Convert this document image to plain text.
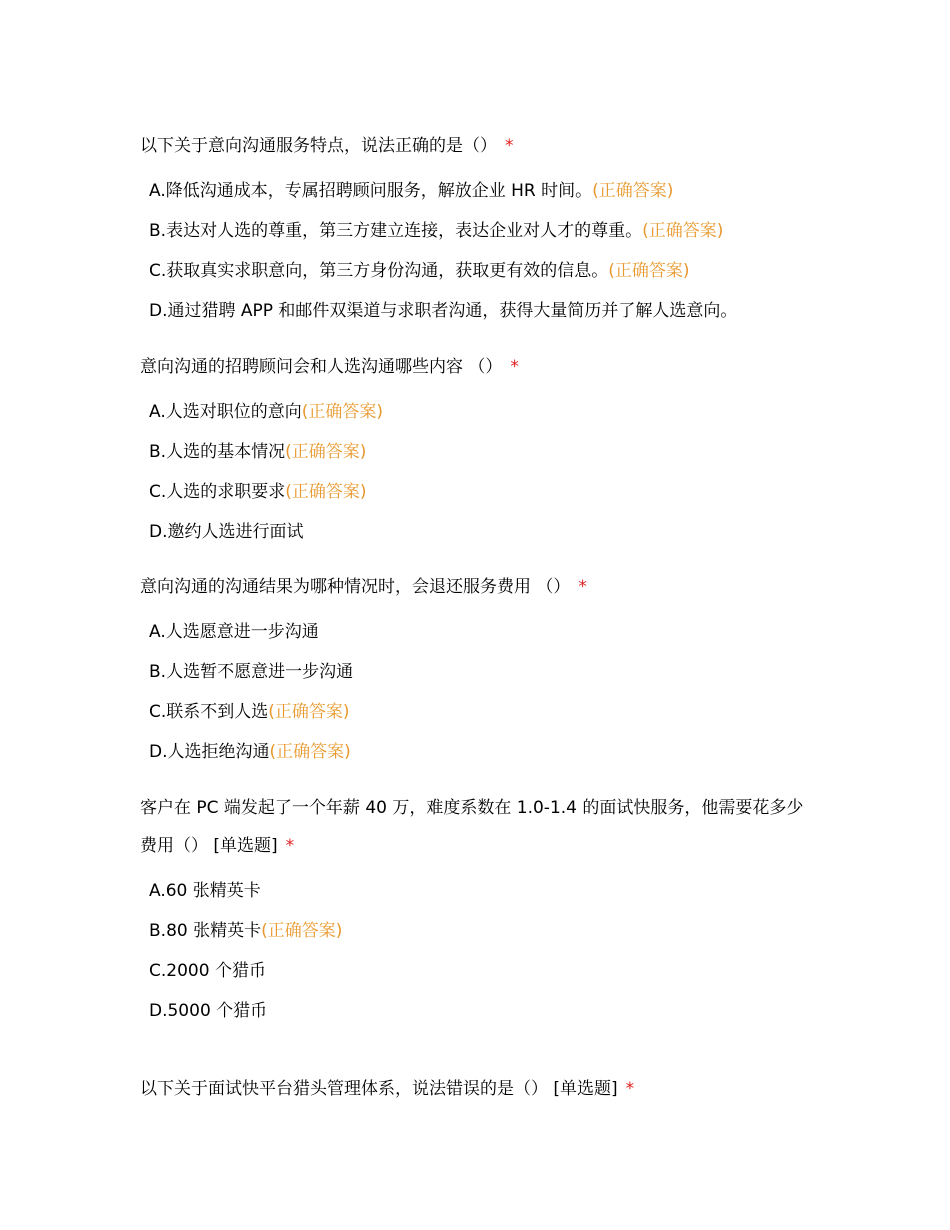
以下关于意向沟通服务特点，说法正确的是（） *

A.降低沟通成本，专属招聘顾问服务，解放企业 HR 时间。(正确答案)
B.表达对人选的尊重，第三方建立连接，表达企业对人才的尊重。(正确答案)
C.获取真实求职意向，第三方身份沟通，获取更有效的信息。(正确答案)
D.通过猎聘 APP 和邮件双渠道与求职者沟通，获得大量简历并了解人选意向。

意向沟通的招聘顾问会和人选沟通哪些内容 （） *

A.人选对职位的意向(正确答案)
B.人选的基本情况(正确答案)
C.人选的求职要求(正确答案)
D.邀约人选进行面试

意向沟通的沟通结果为哪种情况时，会退还服务费用 （） *

A.人选愿意进一步沟通
B.人选暂不愿意进一步沟通
C.联系不到人选(正确答案)
D.人选拒绝沟通(正确答案)

客户在 PC 端发起了一个年薪 40 万，难度系数在 1.0-1.4 的面试快服务，他需要花多少费用（） [单选题] *

A.60 张精英卡
B.80 张精英卡(正确答案)
C.2000 个猎币
D.5000 个猎币

以下关于面试快平台猎头管理体系，说法错误的是（） [单选题] *
